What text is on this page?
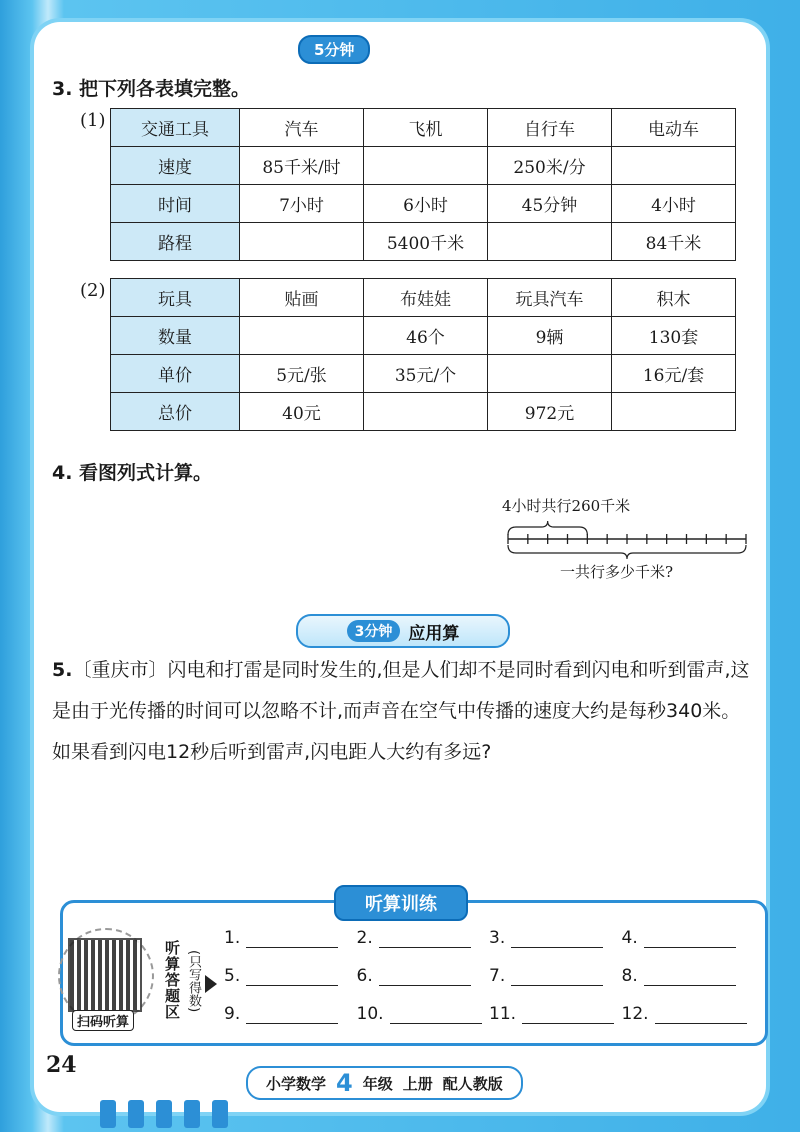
5分钟
3. 把下列各表填完整。
(1) 交通工具	汽车	飞机	自行车	电动车
速度	85千米/时		250米/分	
时间	7小时	6小时	45分钟	4小时
路程		5400千米		84千米
(2)	玩具	贴画	布娃娃	玩具汽车	积木
数量		46个	9辆	130套
单价	5元/张	35元/个		16元/套
总价	40元		972元	
4. 看图列式计算。
4小时共行260千米
一共行多少千米?
3分钟 应用算
5.〔重庆市〕闪电和打雷是同时发生的,但是人们却不是同时看到闪电和听到雷声,这是由于光传播的时间可以忽略不计,而声音在空气中传播的速度大约是每秒340米。如果看到闪电12秒后听到雷声,闪电距人大约有多远?
听算训练
扫码听算
听算答题区 (只写得数)
1.	2.	3.	4.
5.	6.	7.	8.
9.	10.	11.	12.
24
小学数学 4 年级 上册 配人教版
